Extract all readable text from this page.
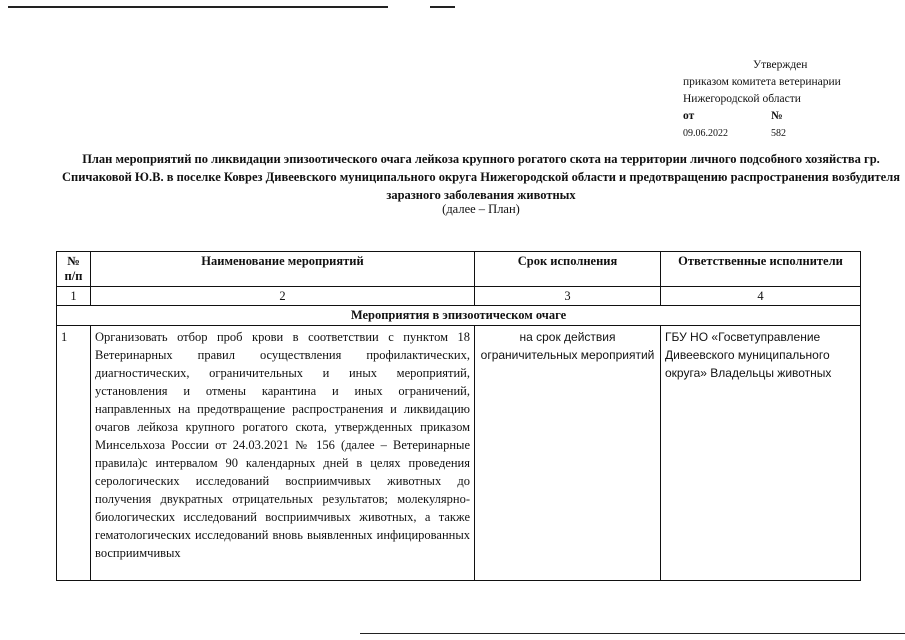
Утвержден
приказом комитета ветеринарии
Нижегородской области
от	№
09.06.2022	582
План мероприятий по ликвидации эпизоотического очага лейкоза крупного рогатого скота на территории личного подсобного хозяйства гр. Спичаковой Ю.В. в поселке Ковpез Дивеевского муниципального округа Нижегородской области и предотвращению распространения возбудителя заразного заболевания животных
(далее – План)
№ п/п	Наименование мероприятий	Срок исполнения	Ответственные исполнители
1	2	3	4
Мероприятия в эпизоотическом очаге			
1	Организовать отбор проб крови в соответствии с пунктом 18 Ветеринарных правил осуществления профилактических, диагностических, ограничительных и иных мероприятий, установления и отмены карантина и иных ограничений, направленных на предотвращение распространения и ликвидацию очагов лейкоза крупного рогатого скота, утвержденных приказом Минсельхоза России от 24.03.2021 № 156 (далее – Ветеринарные правила)с интервалом 90 календарных дней в целях проведения серологических исследований восприимчивых животных до получения двукратных отрицательных результатов; молекулярно-биологических исследований восприимчивых животных, а также гематологических исследований вновь выявленных инфицированных восприимчивых	на срок действия ограничительных мероприятий	ГБУ НО «Госветуправление Дивеевского муниципального округа» Владельцы животных
